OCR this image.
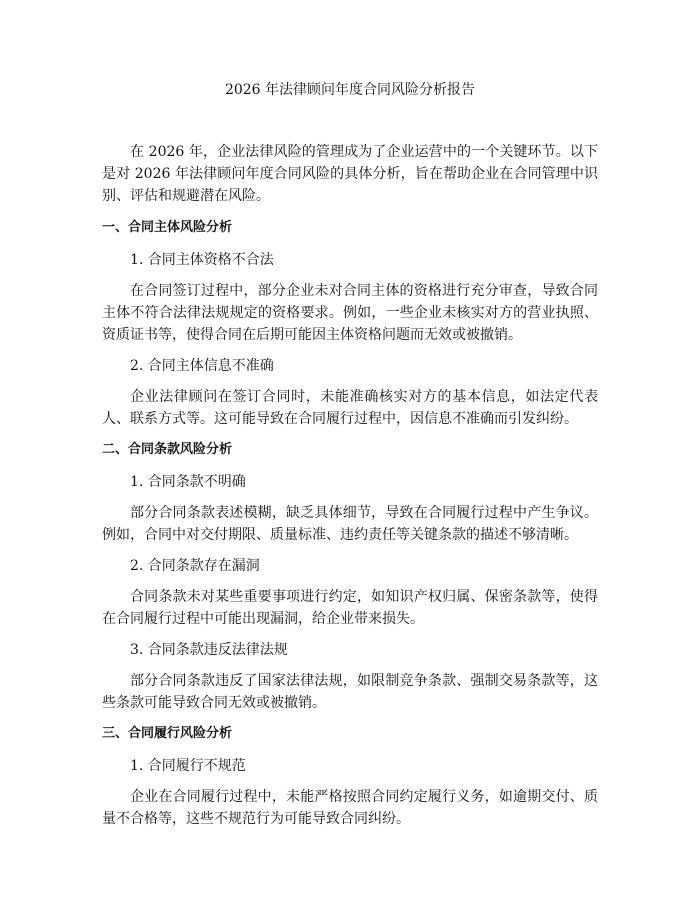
2026 年法律顾问年度合同风险分析报告

在 2026 年，企业法律风险的管理成为了企业运营中的一个关键环节。以下是对 2026 年法律顾问年度合同风险的具体分析，旨在帮助企业在合同管理中识别、评估和规避潜在风险。

一、合同主体风险分析
1. 合同主体资格不合法

在合同签订过程中，部分企业未对合同主体的资格进行充分审查，导致合同主体不符合法律法规规定的资格要求。例如，一些企业未核实对方的营业执照、资质证书等，使得合同在后期可能因主体资格问题而无效或被撤销。

2. 合同主体信息不准确

企业法律顾问在签订合同时，未能准确核实对方的基本信息，如法定代表人、联系方式等。这可能导致在合同履行过程中，因信息不准确而引发纠纷。

二、合同条款风险分析
1. 合同条款不明确

部分合同条款表述模糊，缺乏具体细节，导致在合同履行过程中产生争议。例如，合同中对交付期限、质量标准、违约责任等关键条款的描述不够清晰。

2. 合同条款存在漏洞

合同条款未对某些重要事项进行约定，如知识产权归属、保密条款等，使得在合同履行过程中可能出现漏洞，给企业带来损失。

3. 合同条款违反法律法规

部分合同条款违反了国家法律法规，如限制竞争条款、强制交易条款等，这些条款可能导致合同无效或被撤销。

三、合同履行风险分析
1. 合同履行不规范

企业在合同履行过程中，未能严格按照合同约定履行义务，如逾期交付、质量不合格等，这些不规范行为可能导致合同纠纷。
